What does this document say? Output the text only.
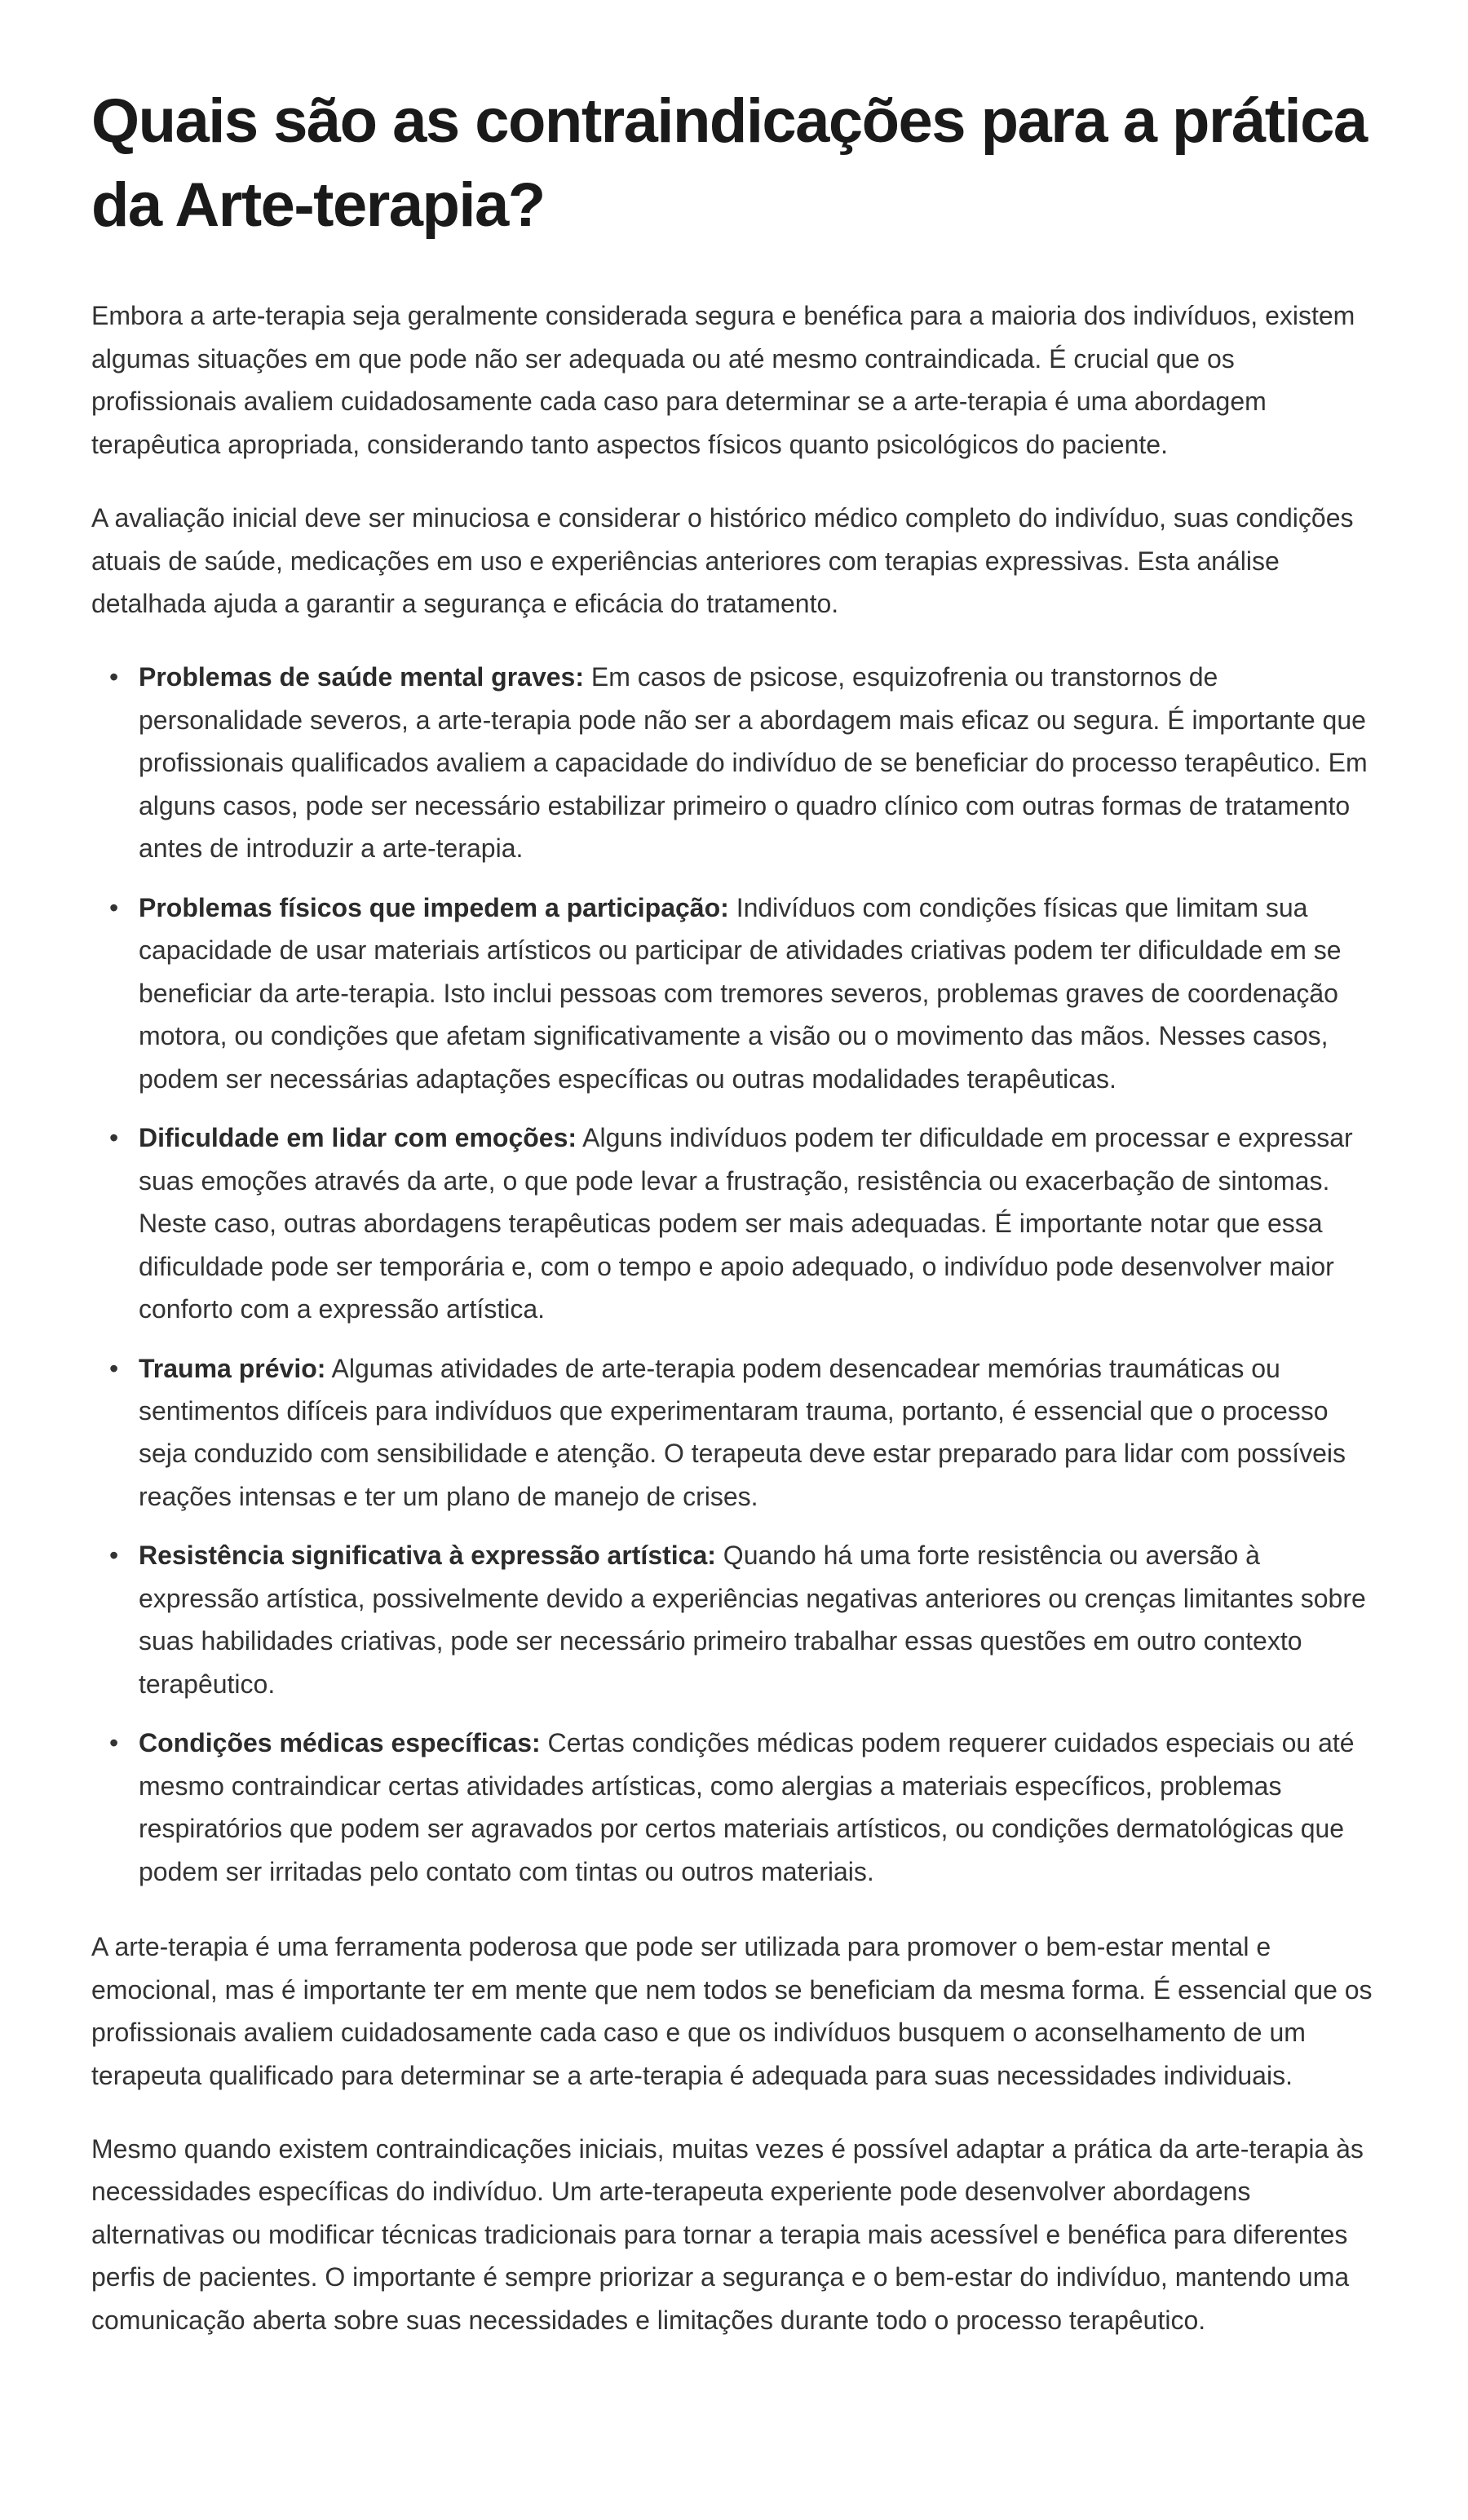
Quais são as contraindicações para a prática da Arte-terapia?

Embora a arte-terapia seja geralmente considerada segura e benéfica para a maioria dos indivíduos, existem algumas situações em que pode não ser adequada ou até mesmo contraindicada. É crucial que os profissionais avaliem cuidadosamente cada caso para determinar se a arte-terapia é uma abordagem terapêutica apropriada, considerando tanto aspectos físicos quanto psicológicos do paciente.

A avaliação inicial deve ser minuciosa e considerar o histórico médico completo do indivíduo, suas condições atuais de saúde, medicações em uso e experiências anteriores com terapias expressivas. Esta análise detalhada ajuda a garantir a segurança e eficácia do tratamento.

• Problemas de saúde mental graves: Em casos de psicose, esquizofrenia ou transtornos de personalidade severos, a arte-terapia pode não ser a abordagem mais eficaz ou segura. É importante que profissionais qualificados avaliem a capacidade do indivíduo de se beneficiar do processo terapêutico. Em alguns casos, pode ser necessário estabilizar primeiro o quadro clínico com outras formas de tratamento antes de introduzir a arte-terapia.
• Problemas físicos que impedem a participação: Indivíduos com condições físicas que limitam sua capacidade de usar materiais artísticos ou participar de atividades criativas podem ter dificuldade em se beneficiar da arte-terapia. Isto inclui pessoas com tremores severos, problemas graves de coordenação motora, ou condições que afetam significativamente a visão ou o movimento das mãos. Nesses casos, podem ser necessárias adaptações específicas ou outras modalidades terapêuticas.
• Dificuldade em lidar com emoções: Alguns indivíduos podem ter dificuldade em processar e expressar suas emoções através da arte, o que pode levar a frustração, resistência ou exacerbação de sintomas. Neste caso, outras abordagens terapêuticas podem ser mais adequadas. É importante notar que essa dificuldade pode ser temporária e, com o tempo e apoio adequado, o indivíduo pode desenvolver maior conforto com a expressão artística.
• Trauma prévio: Algumas atividades de arte-terapia podem desencadear memórias traumáticas ou sentimentos difíceis para indivíduos que experimentaram trauma, portanto, é essencial que o processo seja conduzido com sensibilidade e atenção. O terapeuta deve estar preparado para lidar com possíveis reações intensas e ter um plano de manejo de crises.
• Resistência significativa à expressão artística: Quando há uma forte resistência ou aversão à expressão artística, possivelmente devido a experiências negativas anteriores ou crenças limitantes sobre suas habilidades criativas, pode ser necessário primeiro trabalhar essas questões em outro contexto terapêutico.
• Condições médicas específicas: Certas condições médicas podem requerer cuidados especiais ou até mesmo contraindicar certas atividades artísticas, como alergias a materiais específicos, problemas respiratórios que podem ser agravados por certos materiais artísticos, ou condições dermatológicas que podem ser irritadas pelo contato com tintas ou outros materiais.

A arte-terapia é uma ferramenta poderosa que pode ser utilizada para promover o bem-estar mental e emocional, mas é importante ter em mente que nem todos se beneficiam da mesma forma. É essencial que os profissionais avaliem cuidadosamente cada caso e que os indivíduos busquem o aconselhamento de um terapeuta qualificado para determinar se a arte-terapia é adequada para suas necessidades individuais.

Mesmo quando existem contraindicações iniciais, muitas vezes é possível adaptar a prática da arte-terapia às necessidades específicas do indivíduo. Um arte-terapeuta experiente pode desenvolver abordagens alternativas ou modificar técnicas tradicionais para tornar a terapia mais acessível e benéfica para diferentes perfis de pacientes. O importante é sempre priorizar a segurança e o bem-estar do indivíduo, mantendo uma comunicação aberta sobre suas necessidades e limitações durante todo o processo terapêutico.
